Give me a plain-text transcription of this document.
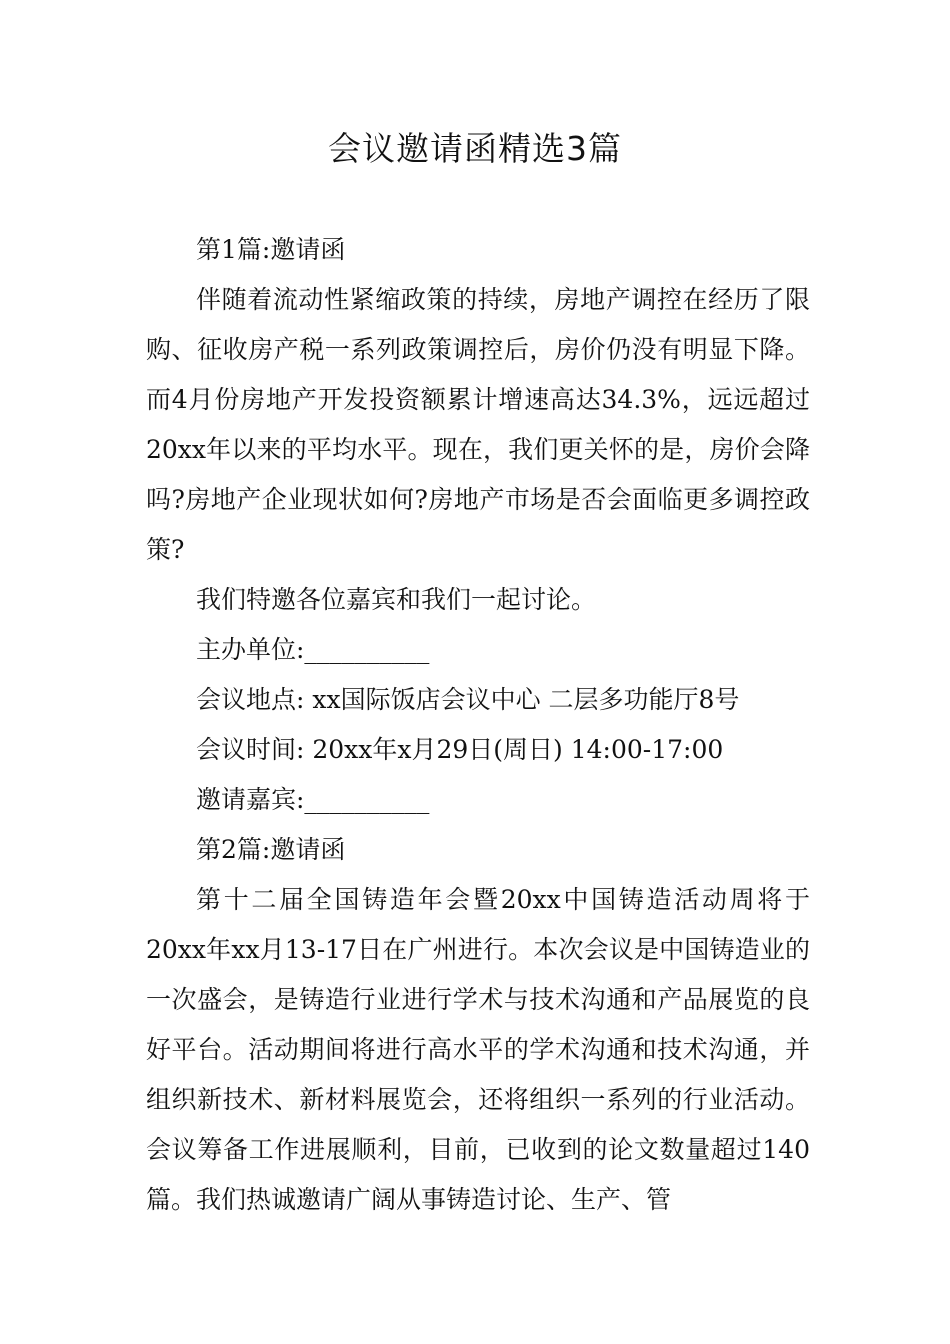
会议邀请函精选3篇

第1篇:邀请函

伴随着流动性紧缩政策的持续，房地产调控在经历了限购、征收房产税一系列政策调控后，房价仍没有明显下降。而4月份房地产开发投资额累计增速高达34.3%，远远超过20xx年以来的平均水平。现在，我们更关怀的是，房价会降吗?房地产企业现状如何?房地产市场是否会面临更多调控政策?

我们特邀各位嘉宾和我们一起讨论。

主办单位:__________

会议地点: xx国际饭店会议中心 二层多功能厅8号

会议时间: 20xx年x月29日(周日) 14:00-17:00

邀请嘉宾:__________

第2篇:邀请函

第十二届全国铸造年会暨20xx中国铸造活动周将于20xx年xx月13-17日在广州进行。本次会议是中国铸造业的一次盛会，是铸造行业进行学术与技术沟通和产品展览的良好平台。活动期间将进行高水平的学术沟通和技术沟通，并组织新技术、新材料展览会，还将组织一系列的行业活动。会议筹备工作进展顺利，目前，已收到的论文数量超过140篇。我们热诚邀请广阔从事铸造讨论、生产、管
